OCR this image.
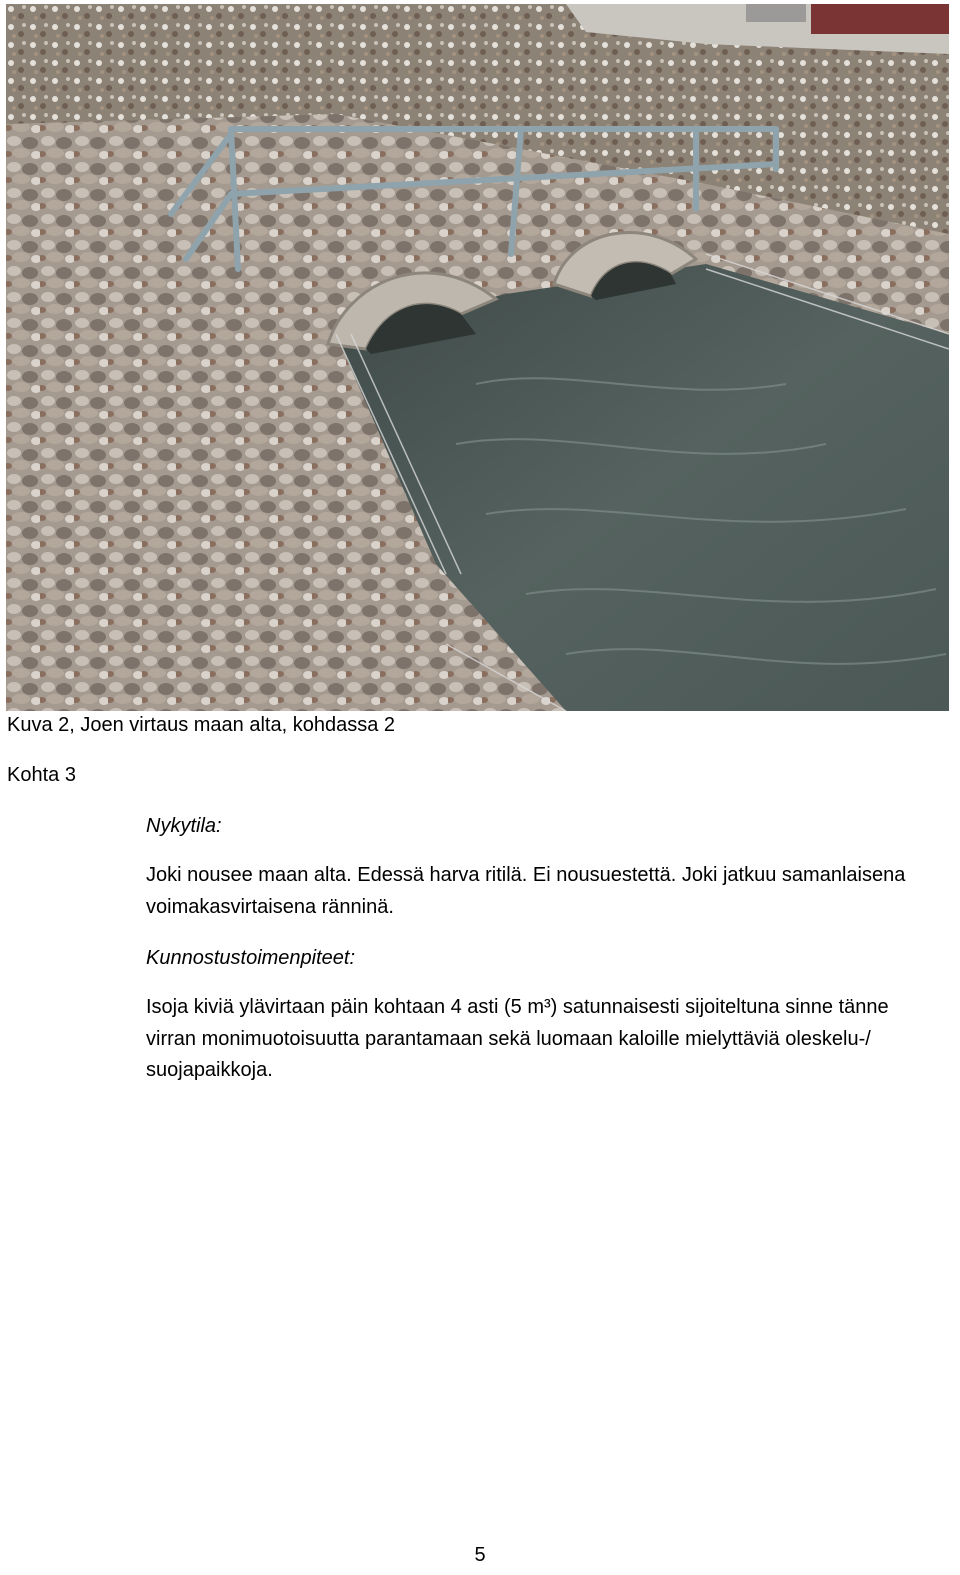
Kuva 2, Joen virtaus maan alta, kohdassa 2
Kohta 3
Nykytila:

Joki nousee maan alta. Edessä harva ritilä. Ei nousuestettä. Joki jatkuu samanlaisena voimakasvirtaisena ränninä.

Kunnostustoimenpiteet:

Isoja kiviä ylävirtaan päin kohtaan 4 asti (5 m³) satunnaisesti sijoiteltuna sinne tänne virran monimuotoisuutta parantamaan sekä luomaan kaloille mielyttäviä oleskelu-/ suojapaikkoja.

5
